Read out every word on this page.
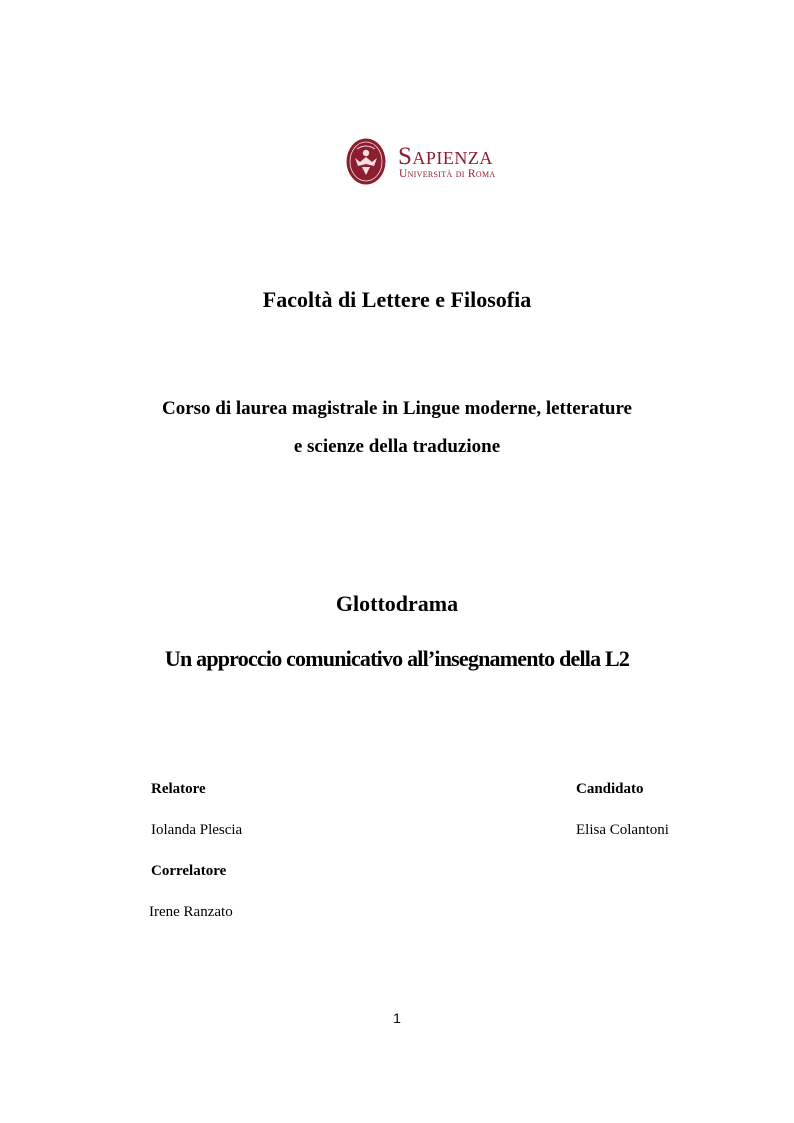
Sapienza
Università di Roma
Facoltà di Lettere e Filosofia
Corso di laurea magistrale in Lingue moderne, letterature
e scienze della traduzione
Glottodrama
Un approccio comunicativo all’insegnamento della L2
Relatore
Iolanda Plescia
Correlatore
Irene Ranzato
Candidato
Elisa Colantoni
1
